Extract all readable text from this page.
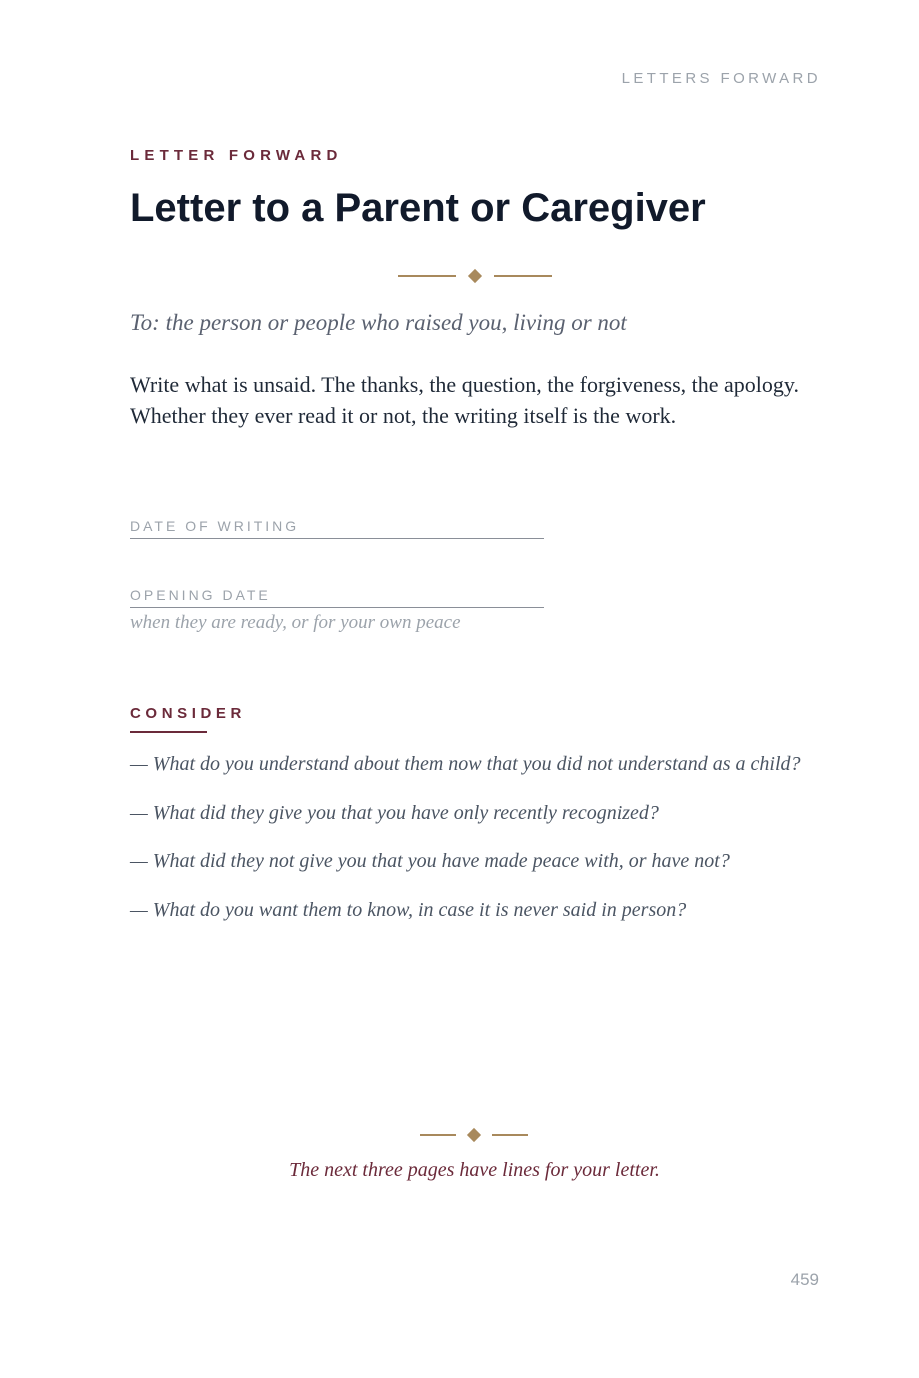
LETTERS FORWARD
LETTER FORWARD
Letter to a Parent or Caregiver
To: the person or people who raised you, living or not

Write what is unsaid. The thanks, the question, the forgiveness, the apology. Whether they ever read it or not, the writing itself is the work.

DATE OF WRITING
OPENING DATE
when they are ready, or for your own peace
CONSIDER
— What do you understand about them now that you did not understand as a child?
— What did they give you that you have only recently recognized?
— What did they not give you that you have made peace with, or have not?
— What do you want them to know, in case it is never said in person?
The next three pages have lines for your letter.
459
